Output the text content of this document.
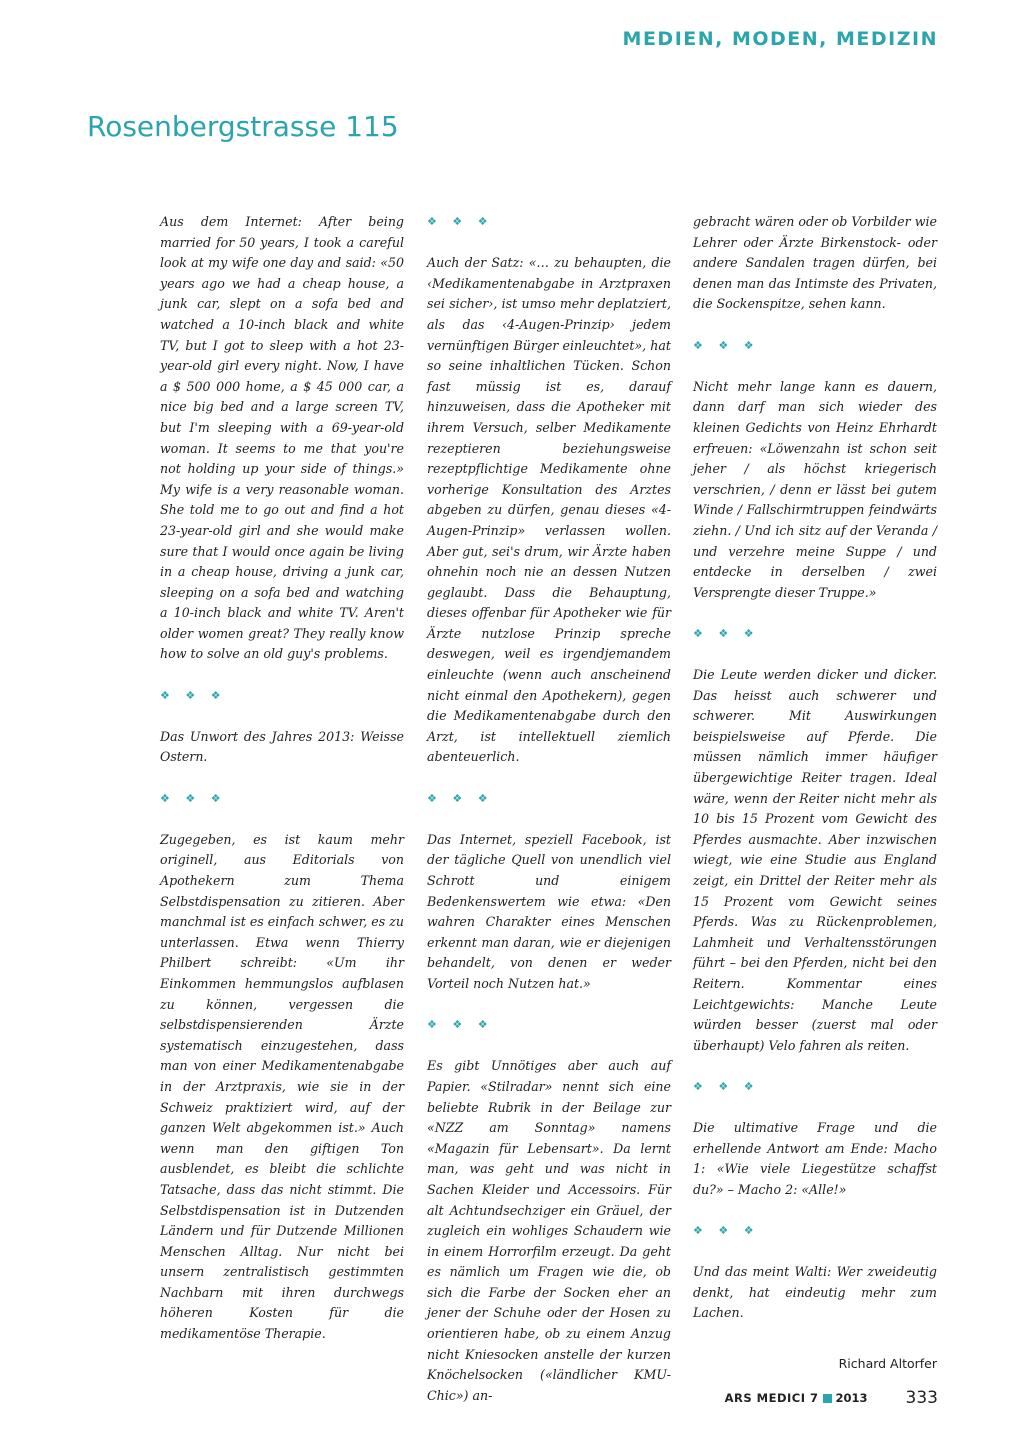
MEDIEN, MODEN, MEDIZIN
Rosenbergstrasse 115

Aus dem Internet: After being married for 50 years, I took a careful look at my wife one day and said: «50 years ago we had a cheap house, a junk car, slept on a sofa bed and watched a 10-inch black and white TV, but I got to sleep with a hot 23-year-old girl every night. Now, I have a $ 500 000 home, a $ 45 000 car, a nice big bed and a large screen TV, but I'm sleeping with a 69-year-old woman. It seems to me that you're not holding up your side of things.» My wife is a very reasonable woman. She told me to go out and find a hot 23-year-old girl and she would make sure that I would once again be living in a cheap house, driving a junk car, sleeping on a sofa bed and watching a 10-inch black and white TV. Aren't older women great? They really know how to solve an old guy's problems.

❖ ❖ ❖

Das Unwort des Jahres 2013: Weisse Ostern.

❖ ❖ ❖

Zugegeben, es ist kaum mehr originell, aus Editorials von Apothekern zum Thema Selbstdispensation zu zitieren. Aber manchmal ist es einfach schwer, es zu unterlassen. Etwa wenn Thierry Philbert schreibt: «Um ihr Einkommen hemmungslos aufblasen zu können, vergessen die selbstdispensierenden Ärzte systematisch einzugestehen, dass man von einer Medikamentenabgabe in der Arztpraxis, wie sie in der Schweiz praktiziert wird, auf der ganzen Welt abgekommen ist.» Auch wenn man den giftigen Ton ausblendet, es bleibt die schlichte Tatsache, dass das nicht stimmt. Die Selbstdispensation ist in Dutzenden Ländern und für Dutzende Millionen Menschen Alltag. Nur nicht bei unsern zentralistisch gestimmten Nachbarn mit ihren durchwegs höheren Kosten für die medikamentöse Therapie.

❖ ❖ ❖

Auch der Satz: «… zu behaupten, die ‹Medikamentenabgabe in Arztpraxen sei sicher›, ist umso mehr deplatziert, als das ‹4-Augen-Prinzip› jedem vernünftigen Bürger einleuchtet», hat so seine inhaltlichen Tücken. Schon fast müssig ist es, darauf hinzuweisen, dass die Apotheker mit ihrem Versuch, selber Medikamente rezeptieren beziehungsweise rezeptpflichtige Medikamente ohne vorherige Konsultation des Arztes abgeben zu dürfen, genau dieses «4-Augen-Prinzip» verlassen wollen. Aber gut, sei's drum, wir Ärzte haben ohnehin noch nie an dessen Nutzen geglaubt. Dass die Behauptung, dieses offenbar für Apotheker wie für Ärzte nutzlose Prinzip spreche deswegen, weil es irgendjemandem einleuchte (wenn auch anscheinend nicht einmal den Apothekern), gegen die Medikamentenabgabe durch den Arzt, ist intellektuell ziemlich abenteuerlich.

❖ ❖ ❖

Das Internet, speziell Facebook, ist der tägliche Quell von unendlich viel Schrott und einigem Bedenkenswertem wie etwa: «Den wahren Charakter eines Menschen erkennt man daran, wie er diejenigen behandelt, von denen er weder Vorteil noch Nutzen hat.»

❖ ❖ ❖

Es gibt Unnötiges aber auch auf Papier. «Stilradar» nennt sich eine beliebte Rubrik in der Beilage zur «NZZ am Sonntag» namens «Magazin für Lebensart». Da lernt man, was geht und was nicht in Sachen Kleider und Accessoirs. Für alt Achtundsechziger ein Gräuel, der zugleich ein wohliges Schaudern wie in einem Horrorfilm erzeugt. Da geht es nämlich um Fragen wie die, ob sich die Farbe der Socken eher an jener der Schuhe oder der Hosen zu orientieren habe, ob zu einem Anzug nicht Kniesocken anstelle der kurzen Knöchelsocken («ländlicher KMU-Chic») an-

gebracht wären oder ob Vorbilder wie Lehrer oder Ärzte Birkenstock- oder andere Sandalen tragen dürfen, bei denen man das Intimste des Privaten, die Sockenspitze, sehen kann.

❖ ❖ ❖

Nicht mehr lange kann es dauern, dann darf man sich wieder des kleinen Gedichts von Heinz Ehrhardt erfreuen: «Löwenzahn ist schon seit jeher / als höchst kriegerisch verschrien, / denn er lässt bei gutem Winde / Fallschirmtruppen feindwärts ziehn. / Und ich sitz auf der Veranda / und verzehre meine Suppe / und entdecke in derselben / zwei Versprengte dieser Truppe.»

❖ ❖ ❖

Die Leute werden dicker und dicker. Das heisst auch schwerer und schwerer. Mit Auswirkungen beispielsweise auf Pferde. Die müssen nämlich immer häufiger übergewichtige Reiter tragen. Ideal wäre, wenn der Reiter nicht mehr als 10 bis 15 Prozent vom Gewicht des Pferdes ausmachte. Aber inzwischen wiegt, wie eine Studie aus England zeigt, ein Drittel der Reiter mehr als 15 Prozent vom Gewicht seines Pferds. Was zu Rückenproblemen, Lahmheit und Verhaltensstörungen führt – bei den Pferden, nicht bei den Reitern. Kommentar eines Leichtgewichts: Manche Leute würden besser (zuerst mal oder überhaupt) Velo fahren als reiten.

❖ ❖ ❖

Die ultimative Frage und die erhellende Antwort am Ende: Macho 1: «Wie viele Liegestütze schaffst du?» – Macho 2: «Alle!»

❖ ❖ ❖

Und das meint Walti: Wer zweideutig denkt, hat eindeutig mehr zum Lachen.

Richard Altorfer
ARS MEDICI 7 2013 333
